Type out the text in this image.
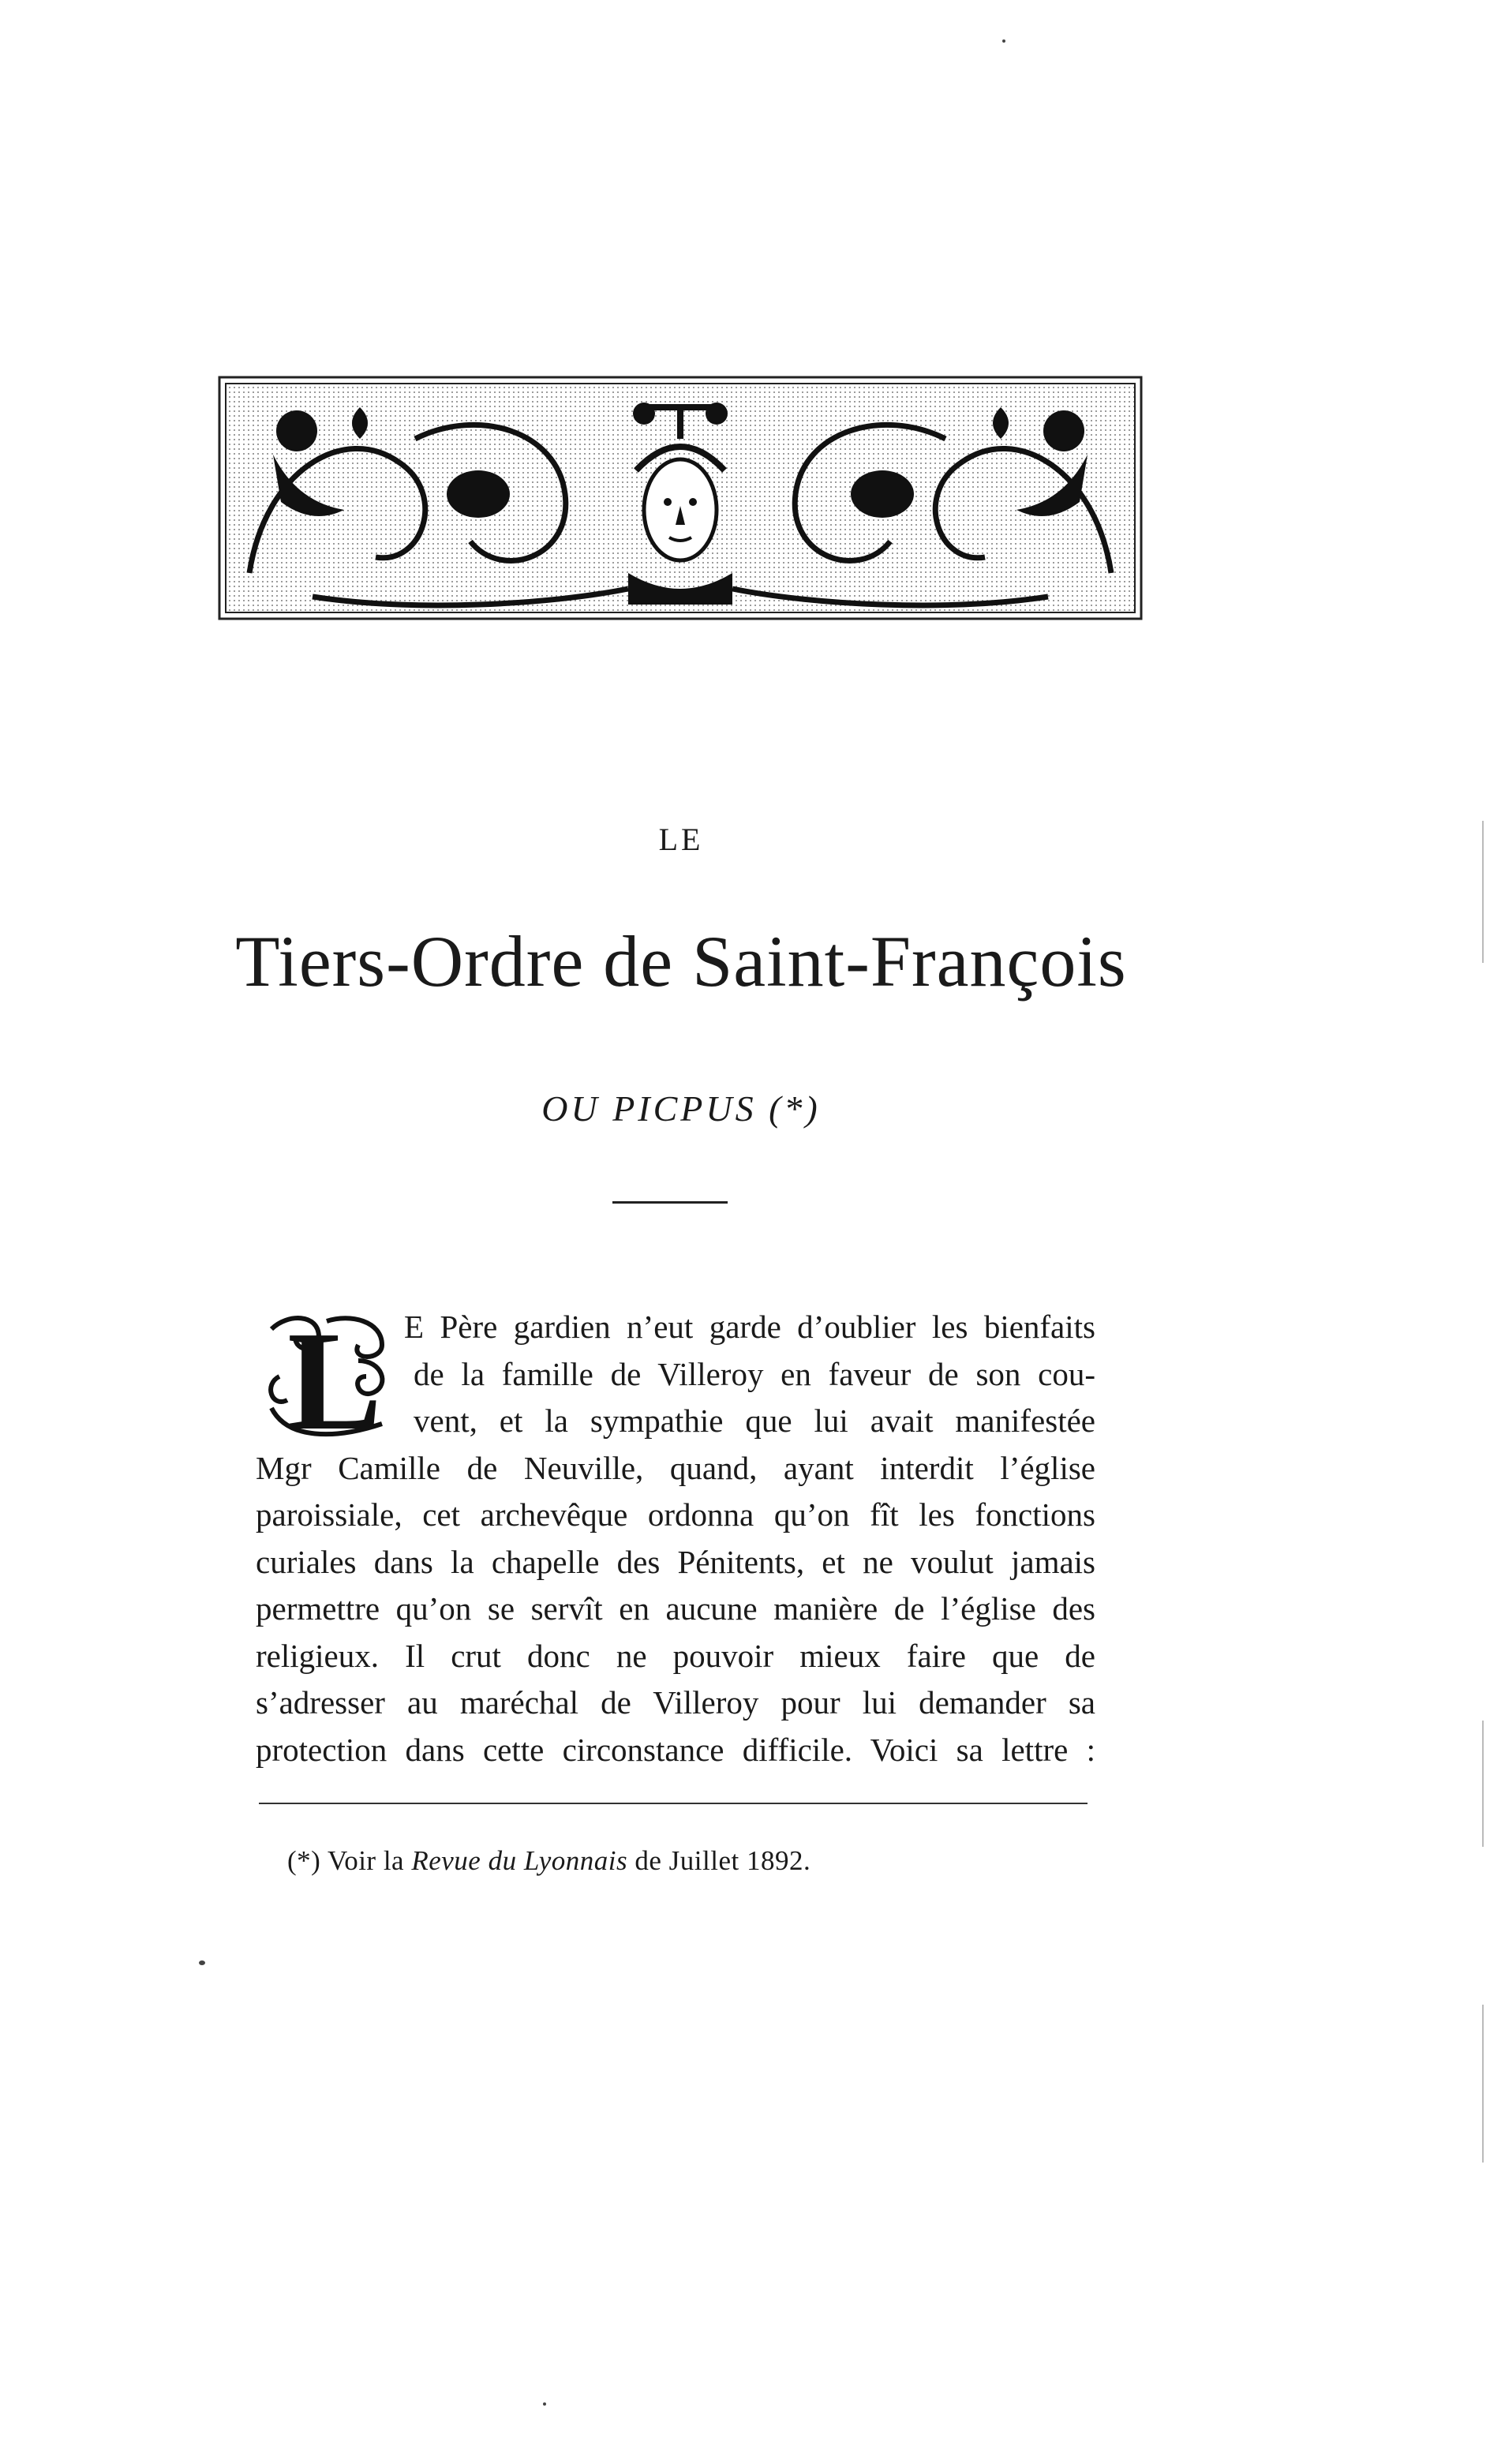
LE
Tiers-Ordre de Saint-François
OU PICPUS (*)
L E Père gardien n’eut garde d’oublier les bienfaits
de la famille de Villeroy en faveur de son cou-
vent, et la sympathie que lui avait manifestée
Mgr Camille de Neuville, quand, ayant interdit l’église
paroissiale, cet archevêque ordonna qu’on fît les fonctions
curiales dans la chapelle des Pénitents, et ne voulut jamais
permettre qu’on se servît en aucune manière de l’église des
religieux. Il crut donc ne pouvoir mieux faire que de
s’adresser au maréchal de Villeroy pour lui demander sa
protection dans cette circonstance difficile. Voici sa lettre :
(*) Voir la Revue du Lyonnais de Juillet 1892.
